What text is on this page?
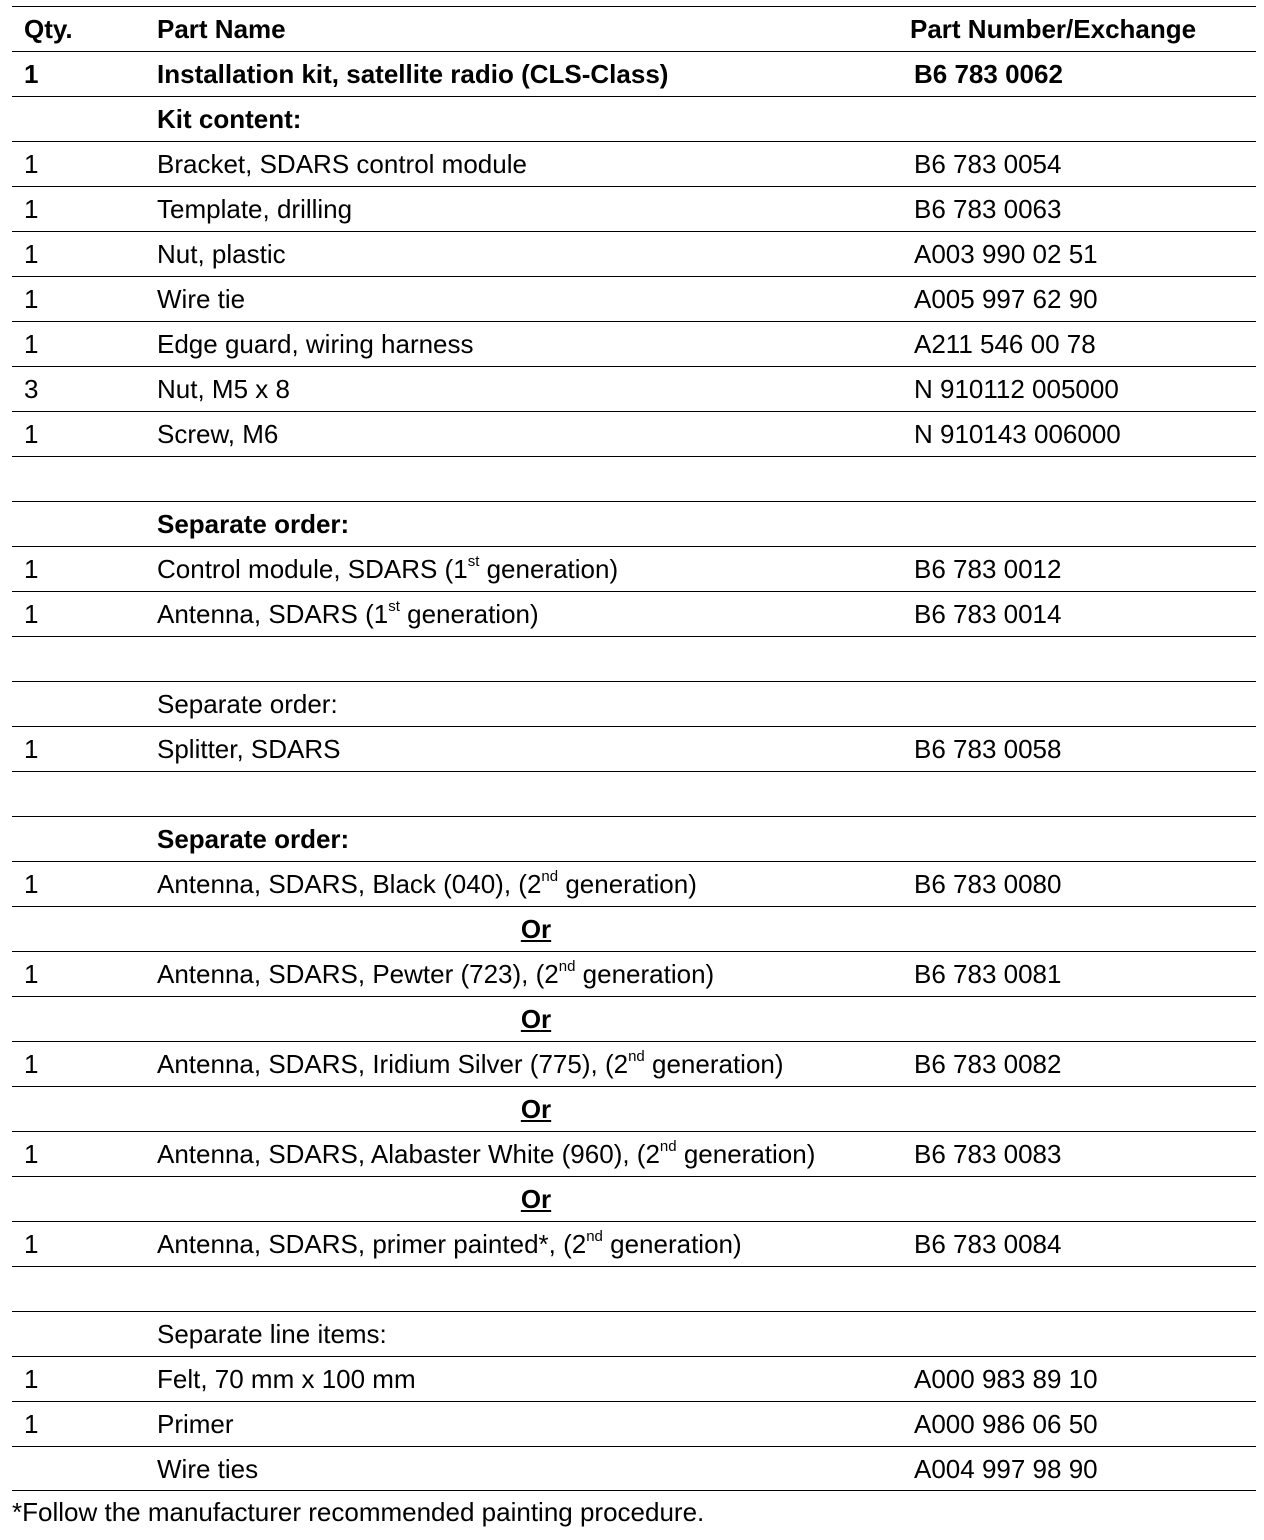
Qty.	Part Name	Part Number/Exchange
1	Installation kit, satellite radio (CLS-Class)	B6 783 0062
Kit content:
1	Bracket, SDARS control module	B6 783 0054
1	Template, drilling	B6 783 0063
1	Nut, plastic	A003 990 02 51
1	Wire tie	A005 997 62 90
1	Edge guard, wiring harness	A211 546 00 78
3	Nut, M5 x 8	N 910112 005000
1	Screw, M6	N 910143 006000
Separate order:
1	Control module, SDARS (1st generation)	B6 783 0012
1	Antenna, SDARS (1st generation)	B6 783 0014
Separate order:
1	Splitter, SDARS	B6 783 0058
Separate order:
1	Antenna, SDARS, Black (040), (2nd generation)	B6 783 0080
Or
1	Antenna, SDARS, Pewter (723), (2nd generation)	B6 783 0081
Or
1	Antenna, SDARS, Iridium Silver (775), (2nd generation)	B6 783 0082
Or
1	Antenna, SDARS, Alabaster White (960), (2nd generation)	B6 783 0083
Or
1	Antenna, SDARS, primer painted*, (2nd generation)	B6 783 0084
Separate line items:
1	Felt, 70 mm x 100 mm	A000 983 89 10
1	Primer	A000 986 06 50
Wire ties	A004 997 98 90
*Follow the manufacturer recommended painting procedure.
